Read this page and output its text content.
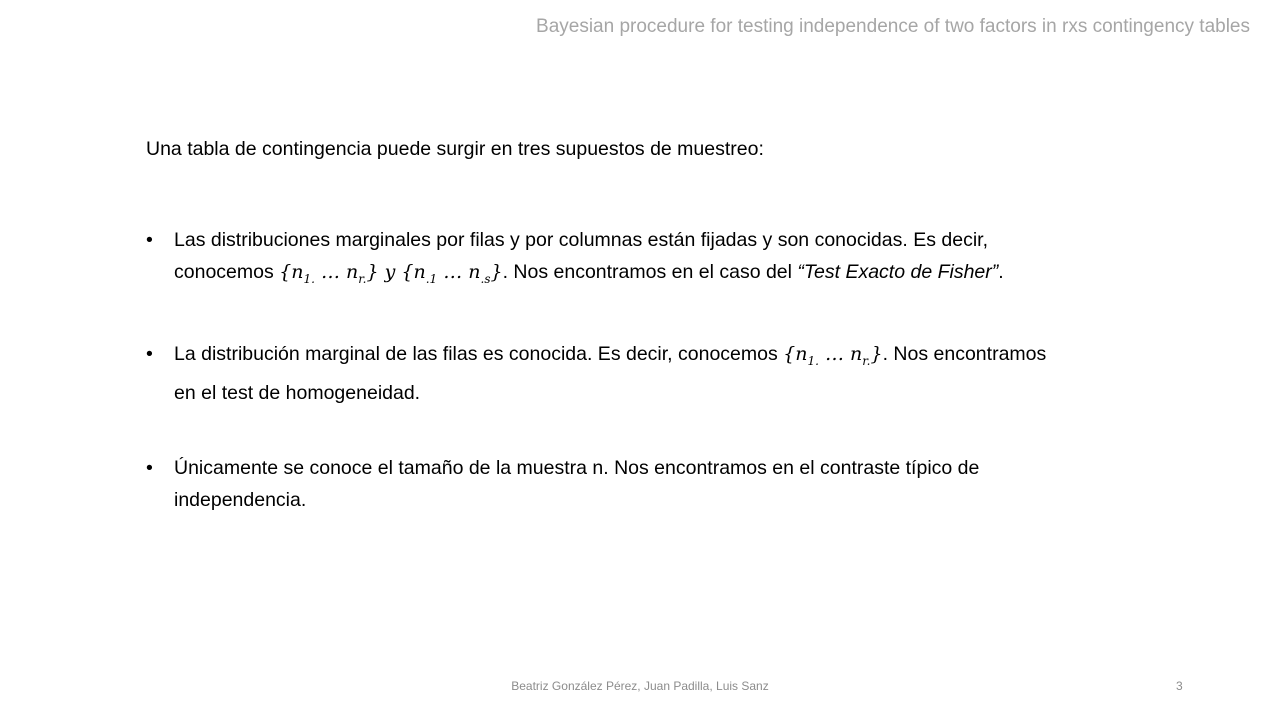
Bayesian procedure for testing independence of two factors in rxs contingency tables
Una tabla de contingencia puede surgir en tres supuestos de muestreo:
• Las distribuciones marginales por filas y por columnas están fijadas y son conocidas. Es decir,
conocemos {$n_{1.}$ … $n_{r.}$} y {$n_{.1}$ … $n_{.s}$}. Nos encontramos en el caso del “Test Exacto de Fisher”.
• La distribución marginal de las filas es conocida. Es decir, conocemos {$n_{1.}$ … $n_{r.}$}. Nos encontramos
en el test de homogeneidad.
• Únicamente se conoce el tamaño de la muestra n. Nos encontramos en el contraste típico de
independencia.
Beatriz González Pérez, Juan Padilla, Luis Sanz	3
